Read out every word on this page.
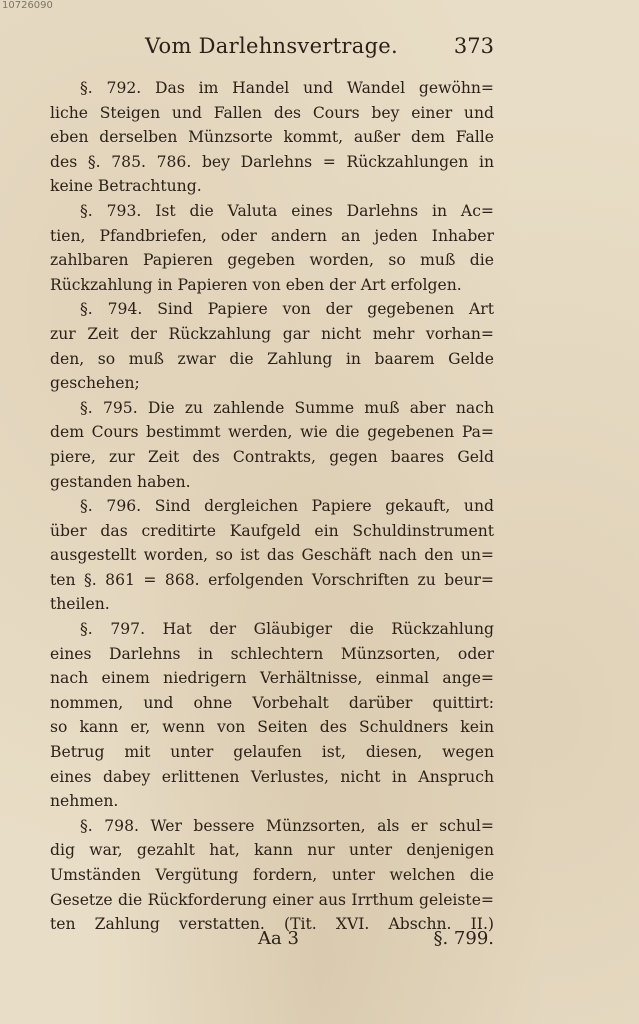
10726090
Vom Darlehnsvertrage.	373

§. 792. Das im Handel und Wandel gewöhn=
liche Steigen und Fallen des Cours bey einer und
eben derselben Münzsorte kommt, außer dem Falle
des §. 785. 786. bey Darlehns = Rückzahlungen in
keine Betrachtung.

§. 793. Ist die Valuta eines Darlehns in Ac=
tien, Pfandbriefen, oder andern an jeden Inhaber
zahlbaren Papieren gegeben worden, so muß die
Rückzahlung in Papieren von eben der Art erfolgen.

§. 794. Sind Papiere von der gegebenen Art
zur Zeit der Rückzahlung gar nicht mehr vorhan=
den, so muß zwar die Zahlung in baarem Gelde
geschehen;

§. 795. Die zu zahlende Summe muß aber nach
dem Cours bestimmt werden, wie die gegebenen Pa=
piere, zur Zeit des Contrakts, gegen baares Geld
gestanden haben.

§. 796. Sind dergleichen Papiere gekauft, und
über das creditirte Kaufgeld ein Schuldinstrument
ausgestellt worden, so ist das Geschäft nach den un=
ten §. 861 = 868. erfolgenden Vorschriften zu beur=
theilen.

§. 797. Hat der Gläubiger die Rückzahlung
eines Darlehns in schlechtern Münzsorten, oder
nach einem niedrigern Verhältnisse, einmal ange=
nommen, und ohne Vorbehalt darüber quittirt:
so kann er, wenn von Seiten des Schuldners kein
Betrug mit unter gelaufen ist, diesen, wegen
eines dabey erlittenen Verlustes, nicht in Anspruch
nehmen.

§. 798. Wer bessere Münzsorten, als er schul=
dig war, gezahlt hat, kann nur unter denjenigen
Umständen Vergütung fordern, unter welchen die
Gesetze die Rückforderung einer aus Irrthum geleiste=
ten Zahlung verstatten. (Tit. XVI. Abschn. II.)

Aa 3	§. 799.
